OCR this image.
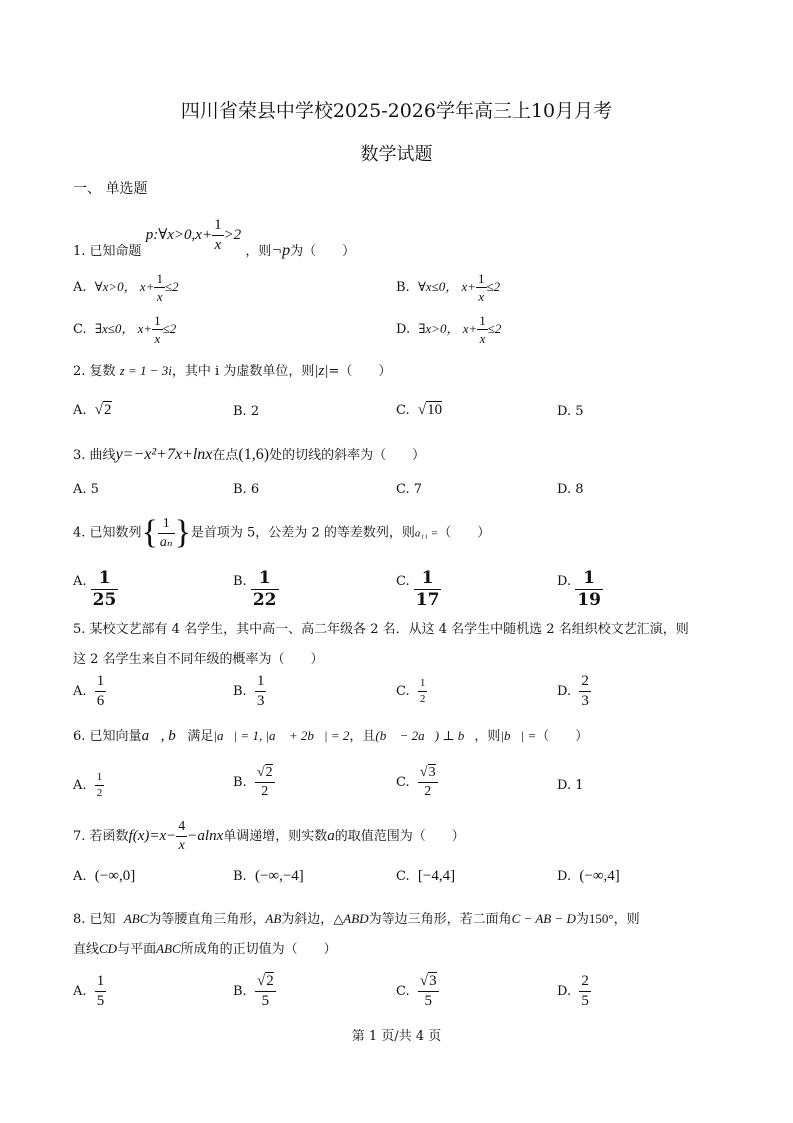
四川省荣县中学校2025-2026学年高三上10月月考
数学试题
一、 单选题
1. 已知命题 p:∀x>0,x+ $\frac{1}{x} >2$ ，则¬p为（　　）
A. ∀x>0， $x+ \frac{1}{x} \le 2$	B. ∀x≤0， $x+ \frac{1}{x} \le 2$
C. ∃x≤0， $x+ \frac{1}{x} \le 2$	D. ∃x>0， $x+ \frac{1}{x} \le 2$
2. 复数 z = 1 − 3i，其中 i 为虚数单位，则|z|=（　　）
A. √2	B. 2	C. √10	D. 5
3. 曲线y=−x²+7x+lnx在点(1,6)处的切线的斜率为（　　）
A. 5	B. 6	C. 7	D. 8
4. 已知数列{ $\frac{1}{\text{aₙ}}$ }是首项为 5，公差为 2 的等差数列，则a₁₁ =（　　）
A. $\frac{1}{25}$	B. $\frac{1}{22}$	C. $\frac{1}{17}$	D. $\frac{1}{19}$
5. 某校文艺部有 4 名学生，其中高一、高二年级各 2 名．从这 4 名学生中随机选 2 名组织校文艺汇演，则
这 2 名学生来自不同年级的概率为（　　）
A. $\frac{1}{6}$	B. $\frac{1}{3}$	C. $\frac{1}{2}$	D. $\frac{2}{3}$
6. 已知向量a⃗, b⃗满足|a⃗| = 1, |a⃗ + 2b⃗| = 2，且(b⃗ − 2a⃗) ⊥ b⃗，则|b⃗| =（　　）
A. $\frac{1}{2}$	B. $\frac{√2}{2}$	C. $\frac{√3}{2}$	D. 1
7. 若函数$f(x)=x- \frac{4}{x} -alnx$单调递增，则实数a的取值范围为（　　）
A. (−∞,0]	B. (−∞,−4]	C. [−4,4]	D. (−∞,4]
8. 已知 ABC为等腰直角三角形，AB为斜边，△ABD为等边三角形，若二面角C − AB − D为150°，则
直线CD与平面ABC所成角的正切值为（　　）
A. $\frac{1}{5}$	B. $\frac{√2}{5}$	C. $\frac{√3}{5}$	D. $\frac{2}{5}$
第 1 页/共 4 页
